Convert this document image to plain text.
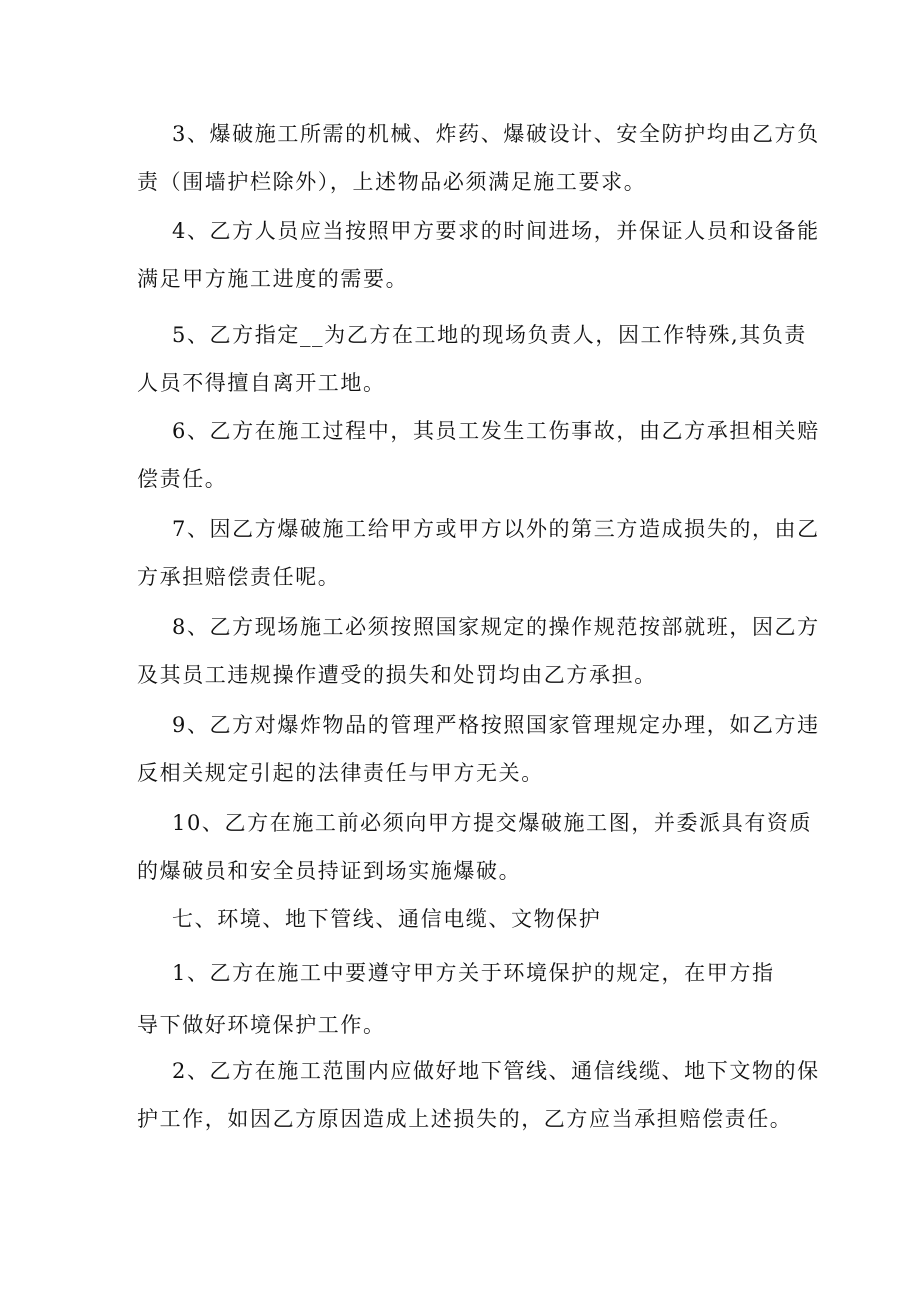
3、爆破施工所需的机械、炸药、爆破设计、安全防护均由乙方负
责（围墙护栏除外），上述物品必须满足施工要求。
4、乙方人员应当按照甲方要求的时间进场，并保证人员和设备能
满足甲方施工进度的需要。
5、乙方指定__为乙方在工地的现场负责人，因工作特殊,其负责
人员不得擅自离开工地。
6、乙方在施工过程中，其员工发生工伤事故，由乙方承担相关赔
偿责任。
7、因乙方爆破施工给甲方或甲方以外的第三方造成损失的，由乙
方承担赔偿责任呢。
8、乙方现场施工必须按照国家规定的操作规范按部就班，因乙方
及其员工违规操作遭受的损失和处罚均由乙方承担。
9、乙方对爆炸物品的管理严格按照国家管理规定办理，如乙方违
反相关规定引起的法律责任与甲方无关。
10、乙方在施工前必须向甲方提交爆破施工图，并委派具有资质
的爆破员和安全员持证到场实施爆破。
七、环境、地下管线、通信电缆、文物保护
1、乙方在施工中要遵守甲方关于环境保护的规定，在甲方指
导下做好环境保护工作。
2、乙方在施工范围内应做好地下管线、通信线缆、地下文物的保
护工作，如因乙方原因造成上述损失的，乙方应当承担赔偿责任。
